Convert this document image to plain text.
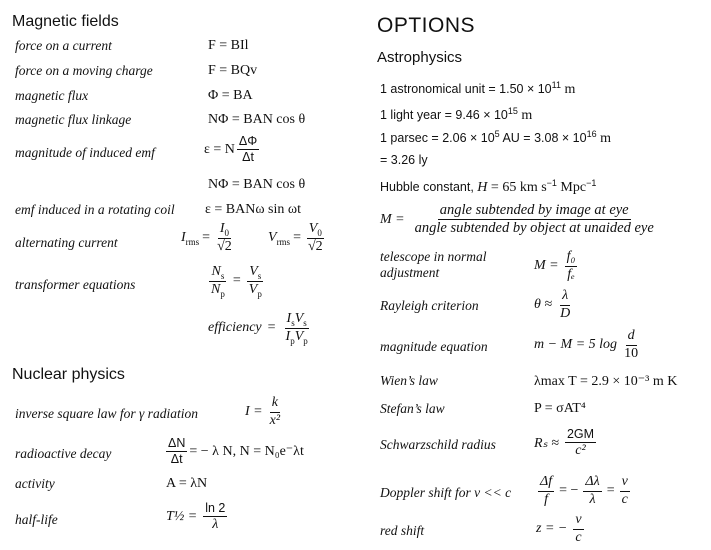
Magnetic fields
force on a current	F = BIl
force on a moving charge	F = BQv
magnetic flux	Φ = BA
magnetic flux linkage	NΦ = BAN cos θ
magnitude of induced emf	ε = N $\frac{\Delta\Phi}{\Delta t}$
NΦ = BAN cos θ
emf induced in a rotating coil ε = BANω sin ωt
alternating current	$I_{rms} = \frac{I_0}{√2} V_{rms} = \frac{V_0}{√2}$
transformer equations	$\frac{N_s}{N_p} = \frac{V_s}{V_p}$
efficiency = $\frac{I_sV_s}{I_pV_p}$
Nuclear physics
inverse square law for γ radiation	$I = \frac{k}{\text{x²}}$
radioactive decay	$\frac{\Delta N}{\Delta t}$ = − λ N, N = N₀e⁻λt
activity	A = λN
half-life	T½ = $\frac{\ln 2}{\lambda}$
OPTIONS
Astrophysics
1 astronomical unit = $1.50 \times 10^{11}$ m
1 light year = $9.46 \times 10^{15}$ m
1 $parsec = 2.06 \times 10^5$ AU = $3.08 \times 10^{16}$ m
= 3.26 ly
Hubble constant, H = 65 km $s^{-1}$ Mpc$^{-1}$
$M = \frac{\text{angle subtended by image at eye}}{\text{angle subtended by object at unaided eye}}$
telescope in normal
adjustment	$M = \frac{\text{f₀}}{\text{fₑ}}$
Rayleigh criterion	$\theta \approx \frac{\lambda}{D}$
magnitude equation	m − M = 5 $\log \frac{d}{10}$
Wien’s law	λmax T = 2.9 × 10⁻³ m K
Stefan’s law	P = σAT⁴
Schwarzschild radius	$R_s \approx \frac{2GM}{\text{c²}}$
Doppler shift for v << c $\frac{\Delta f}{f}$ = − $\frac{\Delta\lambda}{\lambda} = \frac{v}{c}$
red shift	z = − $\frac{v}{c}$
